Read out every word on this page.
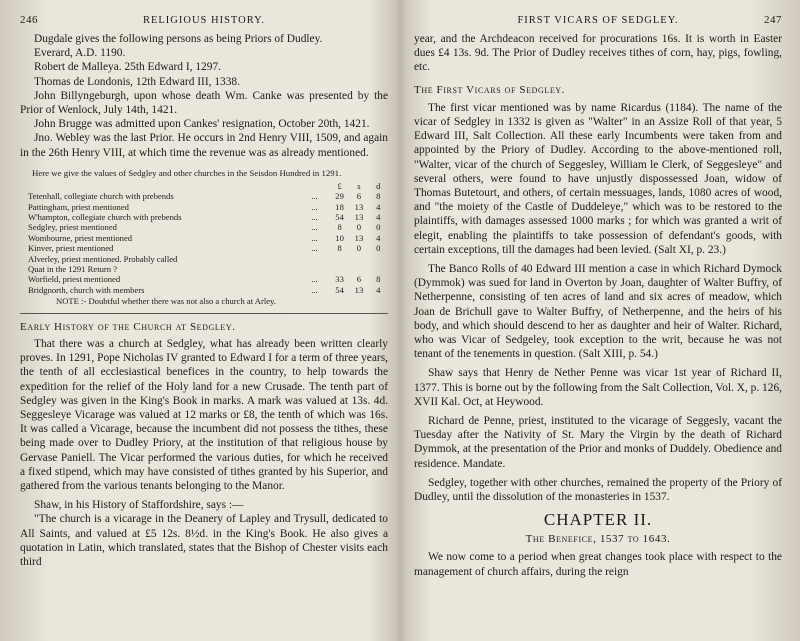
246	RELIGIOUS HISTORY.

Dugdale gives the following persons as being Priors of Dudley.

Everard, A.D. 1190.
Robert de Malleya. 25th Edward I, 1297.
Thomas de Londonis, 12th Edward III, 1338.

John Billyngeburgh, upon whose death Wm. Canke was presented by the Prior of Wenlock, July 14th, 1421.

John Brugge was admitted upon Cankes' resignation, October 20th, 1421.

Jno. Webley was the last Prior. He occurs in 2nd Henry VIII, 1509, and again in the 26th Henry VIII, at which time the revenue was as already mentioned.

Here we give the values of Sedgley and other churches in the Seisdon Hundred in 1291.
		£	s	d
Tetenhall, collegiate church with prebends	...	29	6	8
Pattingham, priest mentioned	...	18	13	4
W'hampton, collegiate church with prebends	...	54	13	4
Sedgley, priest mentioned	...	8	0	0
Wombourne, priest mentioned	...	10	13	4
Kinver, priest mentioned	...	8	0	0
Alverley, priest mentioned. Probably called				
Quat in the 1291 Return ?				
Worfield, priest mentioned	...	33	6	8
Bridgnorth, church with members	...	54	13	4
NOTE :- Doubtful whether there was not also a church at Arley.
Early History of the Church at Sedgley.

That there was a church at Sedgley, what has already been written clearly proves. In 1291, Pope Nicholas IV granted to Edward I for a term of three years, the tenth of all ecclesiastical benefices in the country, to help towards the expedition for the relief of the Holy land for a new Crusade. The tenth part of Sedgley was given in the King's Book in marks. A mark was valued at 13s. 4d. Seggesleye Vicarage was valued at 12 marks or £8, the tenth of which was 16s. It was called a Vicarage, because the incumbent did not possess the tithes, these being made over to Dudley Priory, at the institution of that religious house by Gervase Paniell. The Vicar performed the various duties, for which he received a fixed stipend, which may have consisted of tithes granted by his Superior, and gathered from the various tenants belonging to the Manor.

Shaw, in his History of Staffordshire, says :—

"The church is a vicarage in the Deanery of Lapley and Trysull, dedicated to All Saints, and valued at £5 12s. 8½d. in the King's Book. He also gives a quotation in Latin, which translated, states that the Bishop of Chester visits each third

FIRST VICARS OF SEDGLEY.	247

year, and the Archdeacon received for procurations 16s. It is worth in Easter dues £4 13s. 9d. The Prior of Dudley receives tithes of corn, hay, pigs, fowling, etc.

The First Vicars of Sedgley.

The first vicar mentioned was by name Ricardus (1184). The name of the vicar of Sedgley in 1332 is given as "Walter" in an Assize Roll of that year, 5 Edward III, Salt Collection. All these early Incumbents were taken from and appointed by the Priory of Dudley. According to the above-mentioned roll, "Walter, vicar of the church of Seggesley, William le Clerk, of Seggesleye" and several others, were found to have unjustly dispossessed Joan, widow of Thomas Butetourt, and others, of certain messuages, lands, 1080 acres of wood, and "the moiety of the Castle of Duddeleye," which was to be restored to the plaintiffs, with damages assessed 1000 marks ; for which was granted a writ of elegit, enabling the plaintiffs to take possession of defendant's goods, with certain exceptions, till the damages had been levied. (Salt XI, p. 23.)

The Banco Rolls of 40 Edward III mention a case in which Richard Dymock (Dymmok) was sued for land in Overton by Joan, daughter of Walter Buffry, of Netherpenne, consisting of ten acres of land and six acres of meadow, which Joan de Brichull gave to Walter Buffry, of Netherpenne, and the heirs of his body, and which should descend to her as daughter and heir of Walter. Richard, who was Vicar of Sedgeley, took exception to the writ, because he was not tenant of the tenements in question. (Salt XIII, p. 54.)

Shaw says that Henry de Nether Penne was vicar 1st year of Richard II, 1377. This is borne out by the following from the Salt Collection, Vol. X, p. 126, XVII Kal. Oct, at Heywood.

Richard de Penne, priest, instituted to the vicarage of Seggesly, vacant the Tuesday after the Nativity of St. Mary the Virgin by the death of Richard Dymmok, at the presentation of the Prior and monks of Duddely. Obedience and residence. Mandate.

Sedgley, together with other churches, remained the property of the Priory of Dudley, until the dissolution of the monasteries in 1537.

CHAPTER II.
The Benefice, 1537 to 1643.

We now come to a period when great changes took place with respect to the management of church affairs, during the reign
